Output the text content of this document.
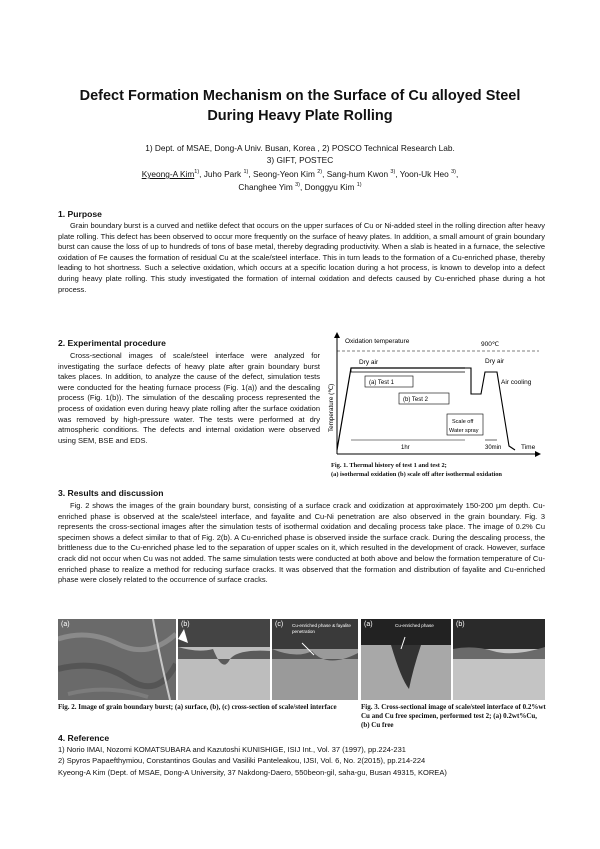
Defect Formation Mechanism on the Surface of Cu alloyed Steel
During Heavy Plate Rolling
1) Dept. of MSAE, Dong-A Univ. Busan, Korea , 2) POSCO Technical Research Lab.
3) GIFT, POSTEC
Kyeong-A Kim$^{1)}$, Juho Park $^{1)}$, Seong-Yeon Kim $^{2)}$, Sang-hum Kwon $^{3)}$, Yoon-Uk Heo $^{3)}$,
Changhee Yim $^{3)}$, Donggyu Kim $^{1)}$
1. Purpose
Grain boundary burst is a curved and netlike defect that occurs on the upper surfaces of Cu or Ni-added steel in the rolling direction after heavy plate rolling. This defect has been observed to occur more frequently on the surface of heavy plates. In addition, a small amount of grain boundary burst can cause the loss of up to hundreds of tons of base metal, thereby degrading productivity. When a slab is heated in a furnace, the selective oxidation of Fe causes the formation of residual Cu at the scale/steel interface. This in turn leads to the formation of a Cu-enriched phase, thereby leading to hot shortness. Such a selective oxidation, which occurs at a specific location during a hot process, is known to develop into a defect during heavy plate rolling. This study investigated the formation of internal oxidation and defects caused by Cu-enriched phase during a hot process.
2. Experimental procedure
Cross-sectional images of scale/steel interface were analyzed for investigating the surface defects of heavy plate after grain boundary burst takes places. In addition, to analyze the cause of the defect, simulation tests were conducted for the heating furnace process (Fig. 1(a)) and the descaling process (Fig. 1(b)). The simulation of the descaling process represented the process of oxidation even during heavy plate rolling after the surface oxidation was removed by high-pressure water. The tests were performed at dry atmospheric conditions. The defects and internal oxidation were observed using SEM, BSE and EDS.
Oxidation temperature	900℃
Dry air	Dry air
(a) Test 1
(b) Test 2
Scale off
Water spray
Air cooling
Temperature (℃)
1hr	30min	Time
Fig. 1. Thermal history of test 1 and test 2;
(a) isothermal oxidation (b) scale off after isothermal oxidation
3. Results and discussion
Fig. 2 shows the images of the grain boundary burst, consisting of a surface crack and oxidization at approximately 150-200 μm depth. Cu-enriched phase is observed at the scale/steel interface, and fayalite and Cu-Ni penetration are also observed in the grain boundary. Fig. 3 represents the cross-sectional images after the simulation tests of isothermal oxidation and decaling process take place. The image of 0.2% Cu specimen shows a defect similar to that of Fig. 2(b). A Cu-enriched phase is observed inside the surface crack. During the descaling process, the brittleness due to the Cu-enriched phase led to the separation of upper scales on it, which resulted in the development of crack. However, surface crack did not occur when Cu was not added. The same simulation tests were conducted at both above and below the formation temperature of Cu-enriched phase to realize a method for reducing surface cracks. It was observed that the formation and distribution of fayalite and Cu-enriched phase were closely related to the occurrence of surface cracks.
(a)	(b)	(c) Cu-enriched phase & fayalite penetration
(a)	Cu-enriched phase	(b)
Fig. 2. Image of grain boundary burst; (a) surface, (b), (c) cross-section of scale/steel interface	Fig. 3. Cross-sectional image of scale/steel interface of 0.2%wt Cu and Cu free specimen, performed test 2; (a) 0.2wt%Cu, (b) Cu free
4. Reference
1) Norio IMAI, Nozomi KOMATSUBARA and Kazutoshi KUNISHIGE, ISIJ Int., Vol. 37 (1997), pp.224-231
2) Spyros Papaefthymiou, Constantinos Goulas and Vasiliki Panteleakou, IJSI, Vol. 6, No. 2(2015), pp.214-224
Kyeong-A Kim (Dept. of MSAE, Dong-A University, 37 Nakdong-Daero, 550beon-gil, saha-gu, Busan 49315, KOREA)
